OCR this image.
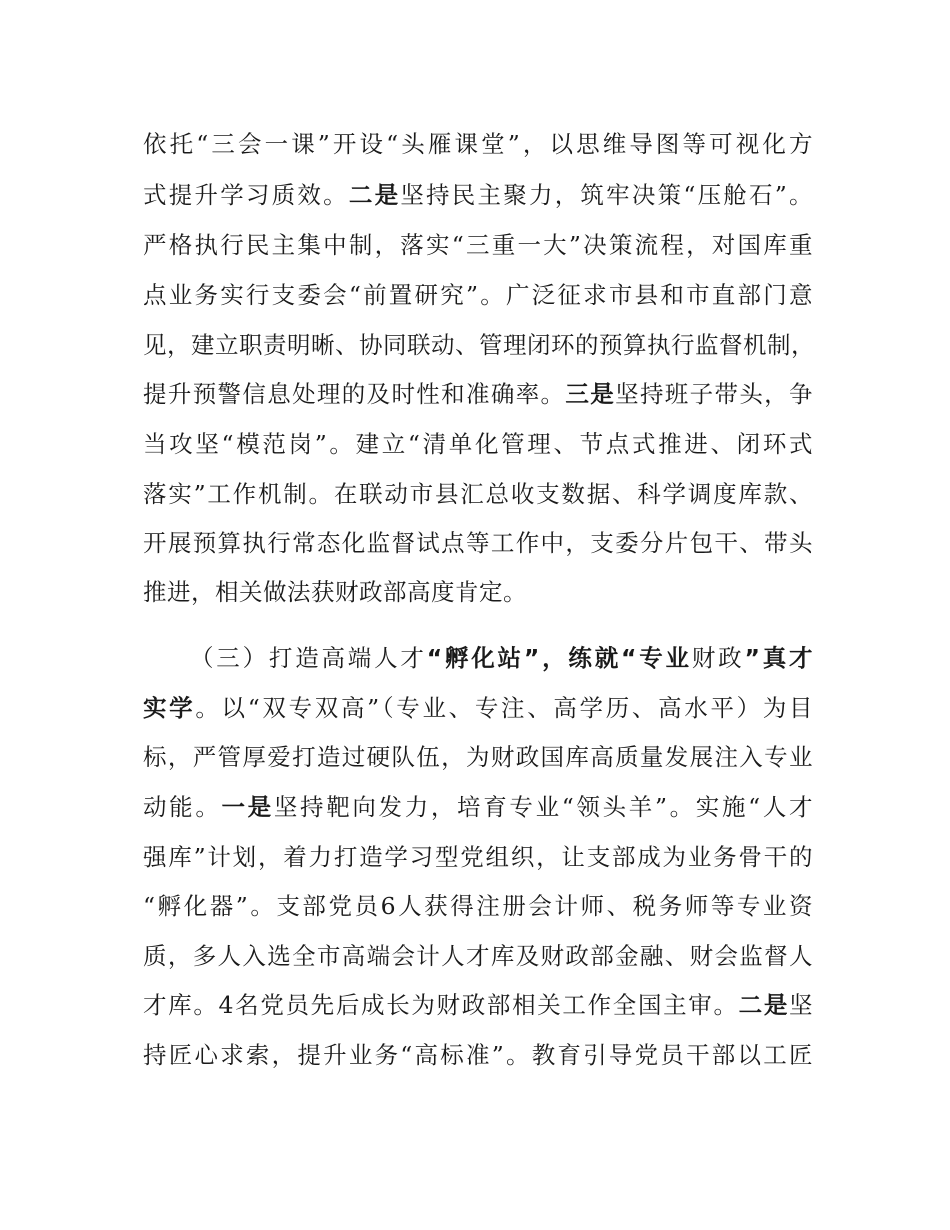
依托“三会一课”开设“头雁课堂”，以思维导图等可视化方
式提升学习质效。二是坚持民主聚力，筑牢决策“压舱石”。
严格执行民主集中制，落实“三重一大”决策流程，对国库重
点业务实行支委会“前置研究”。广泛征求市县和市直部门意
见，建立职责明晰、协同联动、管理闭环的预算执行监督机制，
提升预警信息处理的及时性和准确率。三是坚持班子带头，争
当攻坚“模范岗”。建立“清单化管理、节点式推进、闭环式
落实”工作机制。在联动市县汇总收支数据、科学调度库款、
开展预算执行常态化监督试点等工作中，支委分片包干、带头
推进，相关做法获财政部高度肯定。
（三）打造高端人才“孵化站”，练就“专业财政”真才
实学。以“双专双高”（专业、专注、高学历、高水平）为目
标，严管厚爱打造过硬队伍，为财政国库高质量发展注入专业
动能。一是坚持靶向发力，培育专业“领头羊”。实施“人才
强库”计划，着力打造学习型党组织，让支部成为业务骨干的
“孵化器”。支部党员6人获得注册会计师、税务师等专业资
质，多人入选全市高端会计人才库及财政部金融、财会监督人
才库。4名党员先后成长为财政部相关工作全国主审。二是坚
持匠心求索，提升业务“高标准”。教育引导党员干部以工匠
